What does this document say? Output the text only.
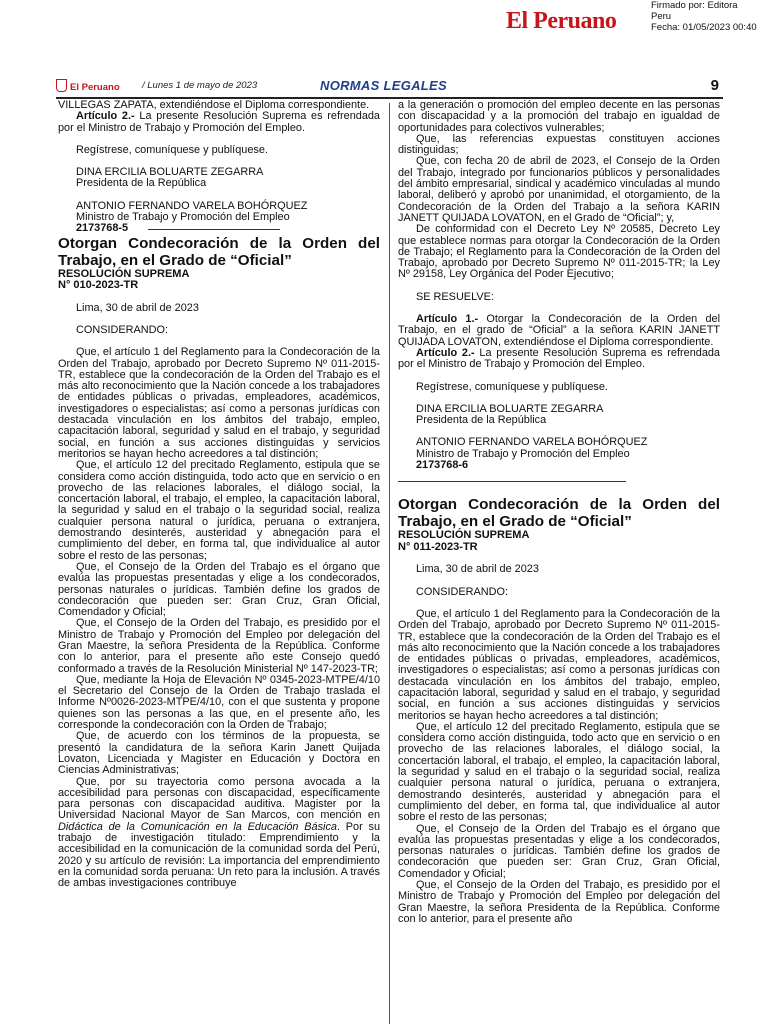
El Peruano
Firmado por: Editora
Peru
Fecha: 01/05/2023 00:40
El Peruano / Lunes 1 de mayo de 2023	NORMAS LEGALES	9

VILLEGAS ZAPATA, extendiéndose el Diploma correspondiente.

Artículo 2.- La presente Resolución Suprema es refrendada por el Ministro de Trabajo y Promoción del Empleo.

Regístrese, comuníquese y publíquese.

DINA ERCILIA BOLUARTE ZEGARRA

Presidenta de la República

ANTONIO FERNANDO VARELA BOHÓRQUEZ

Ministro de Trabajo y Promoción del Empleo

2173768-5

Otorgan Condecoración de la Orden del Trabajo, en el Grado de “Oficial”

RESOLUCIÓN SUPREMA

N° 010-2023-TR

Lima, 30 de abril de 2023

CONSIDERANDO:

Que, el artículo 1 del Reglamento para la Condecoración de la Orden del Trabajo, aprobado por Decreto Supremo Nº 011-2015-TR, establece que la condecoración de la Orden del Trabajo es el más alto reconocimiento que la Nación concede a los trabajadores de entidades públicas o privadas, empleadores, académicos, investigadores o especialistas; así como a personas jurídicas con destacada vinculación en los ámbitos del trabajo, empleo, capacitación laboral, seguridad y salud en el trabajo, y seguridad social, en función a sus acciones distinguidas y servicios meritorios se hayan hecho acreedores a tal distinción;

Que, el artículo 12 del precitado Reglamento, estipula que se considera como acción distinguida, todo acto que en servicio o en provecho de las relaciones laborales, el diálogo social, la concertación laboral, el trabajo, el empleo, la capacitación laboral, la seguridad y salud en el trabajo o la seguridad social, realiza cualquier persona natural o jurídica, peruana o extranjera, demostrando desinterés, austeridad y abnegación para el cumplimiento del deber, en forma tal, que individualice al autor sobre el resto de las personas;

Que, el Consejo de la Orden del Trabajo es el órgano que evalúa las propuestas presentadas y elige a los condecorados, personas naturales o jurídicas. También define los grados de condecoración que pueden ser: Gran Cruz, Gran Oficial, Comendador y Oficial;

Que, el Consejo de la Orden del Trabajo, es presidido por el Ministro de Trabajo y Promoción del Empleo por delegación del Gran Maestre, la señora Presidenta de la República. Conforme con lo anterior, para el presente año este Consejo quedó conformado a través de la Resolución Ministerial Nº 147-2023-TR;

Que, mediante la Hoja de Elevación Nº 0345-2023-MTPE/4/10 el Secretario del Consejo de la Orden de Trabajo traslada el Informe Nº0026-2023-MTPE/4/10, con el que sustenta y propone quienes son las personas a las que, en el presente año, les corresponde la condecoración con la Orden de Trabajo;

Que, de acuerdo con los términos de la propuesta, se presentó la candidatura de la señora Karin Janett Quijada Lovaton, Licenciada y Magister en Educación y Doctora en Ciencias Administrativas;

Que, por su trayectoria como persona avocada a la accesibilidad para personas con discapacidad, específicamente para personas con discapacidad auditiva. Magister por la Universidad Nacional Mayor de San Marcos, con mención en Didáctica de la Comunicación en la Educación Básica. Por su trabajo de investigación titulado: Emprendimiento y la accesibilidad en la comunicación de la comunidad sorda del Perú, 2020 y su artículo de revisión: La importancia del emprendimiento en la comunidad sorda peruana: Un reto para la inclusión. A través de ambas investigaciones contribuye

a la generación o promoción del empleo decente en las personas con discapacidad y a la promoción del trabajo en igualdad de oportunidades para colectivos vulnerables;

Que, las referencias expuestas constituyen acciones distinguidas;

Que, con fecha 20 de abril de 2023, el Consejo de la Orden del Trabajo, integrado por funcionarios públicos y personalidades del ámbito empresarial, sindical y académico vinculadas al mundo laboral, deliberó y aprobó por unanimidad, el otorgamiento, de la Condecoración de la Orden del Trabajo a la señora KARIN JANETT QUIJADA LOVATON, en el Grado de “Oficial”; y,

De conformidad con el Decreto Ley Nº 20585, Decreto Ley que establece normas para otorgar la Condecoración de la Orden de Trabajo; el Reglamento para la Condecoración de la Orden del Trabajo, aprobado por Decreto Supremo Nº 011-2015-TR; la Ley Nº 29158, Ley Orgánica del Poder Ejecutivo;

SE RESUELVE:

Artículo 1.- Otorgar la Condecoración de la Orden del Trabajo, en el grado de “Oficial” a la señora KARIN JANETT QUIJADA LOVATON, extendiéndose el Diploma correspondiente.

Artículo 2.- La presente Resolución Suprema es refrendada por el Ministro de Trabajo y Promoción del Empleo.

Regístrese, comuníquese y publíquese.

DINA ERCILIA BOLUARTE ZEGARRA

Presidenta de la República

ANTONIO FERNANDO VARELA BOHÓRQUEZ

Ministro de Trabajo y Promoción del Empleo

2173768-6

Otorgan Condecoración de la Orden del Trabajo, en el Grado de “Oficial”

RESOLUCIÓN SUPREMA

N° 011-2023-TR

Lima, 30 de abril de 2023

CONSIDERANDO:

Que, el artículo 1 del Reglamento para la Condecoración de la Orden del Trabajo, aprobado por Decreto Supremo Nº 011-2015-TR, establece que la condecoración de la Orden del Trabajo es el más alto reconocimiento que la Nación concede a los trabajadores de entidades públicas o privadas, empleadores, académicos, investigadores o especialistas; así como a personas jurídicas con destacada vinculación en los ámbitos del trabajo, empleo, capacitación laboral, seguridad y salud en el trabajo, y seguridad social, en función a sus acciones distinguidas y servicios meritorios se hayan hecho acreedores a tal distinción;

Que, el artículo 12 del precitado Reglamento, estipula que se considera como acción distinguida, todo acto que en servicio o en provecho de las relaciones laborales, el diálogo social, la concertación laboral, el trabajo, el empleo, la capacitación laboral, la seguridad y salud en el trabajo o la seguridad social, realiza cualquier persona natural o jurídica, peruana o extranjera, demostrando desinterés, austeridad y abnegación para el cumplimiento del deber, en forma tal, que individualice al autor sobre el resto de las personas;

Que, el Consejo de la Orden del Trabajo es el órgano que evalúa las propuestas presentadas y elige a los condecorados, personas naturales o jurídicas. También define los grados de condecoración que pueden ser: Gran Cruz, Gran Oficial, Comendador y Oficial;

Que, el Consejo de la Orden del Trabajo, es presidido por el Ministro de Trabajo y Promoción del Empleo por delegación del Gran Maestre, la señora Presidenta de la República. Conforme con lo anterior, para el presente año
